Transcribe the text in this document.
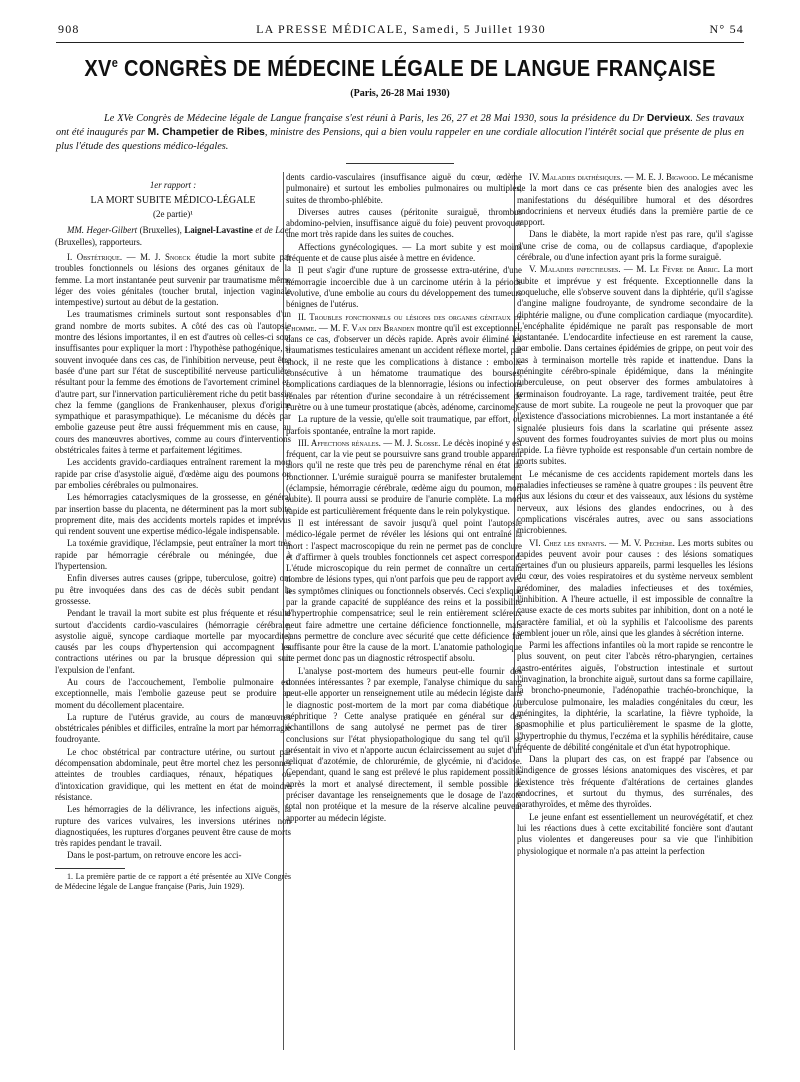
908	LA PRESSE MÉDICALE, Samedi, 5 Juillet 1930	N° 54
XVe CONGRÈS DE MÉDECINE LÉGALE DE LANGUE FRANÇAISE
(Paris, 26-28 Mai 1930)
Le XVe Congrès de Médecine légale de Langue française s'est réuni à Paris, les 26, 27 et 28 Mai 1930, sous la présidence du Dr Dervieux. Ses travaux ont été inaugurés par M. Champetier de Ribes, ministre des Pensions, qui a bien voulu rappeler en une cordiale allocution l'intérêt social que présente de plus en plus l'étude des questions médico-légales.

1er rapport :

LA MORT SUBITE MÉDICO-LÉGALE

(2e partie)¹

MM. Heger-Gilbert (Bruxelles), Laignel-Lavastine et de Laet (Bruxelles), rapporteurs.

I. Obstétrique. — M. J. Snoeck étudie la mort subite par troubles fonctionnels ou lésions des organes génitaux de la femme. La mort instantanée peut survenir par traumatisme même léger des voies génitales (toucher brutal, injection vaginale intempestive) surtout au début de la gestation.

Les traumatismes criminels surtout sont responsables d'un grand nombre de morts subites. A côté des cas où l'autopsie montre des lésions importantes, il en est d'autres où celles-ci sont insuffisantes pour expliquer la mort : l'hypothèse pathogénique, si souvent invoquée dans ces cas, de l'inhibition nerveuse, peut être basée d'une part sur l'état de susceptibilité nerveuse particulière résultant pour la femme des émotions de l'avortement criminel et, d'autre part, sur l'innervation particulièrement riche du petit bassin chez la femme (ganglions de Frankenhauser, plexus d'origine sympathique et parasympathique). Le mécanisme du décès par embolie gazeuse peut être aussi fréquemment mis en cause, au cours des manœuvres abortives, comme au cours d'interventions obstétricales faites à terme et parfaitement légitimes.

Les accidents gravido-cardiaques entraînent rarement la mort rapide par crise d'asystolie aiguë, d'œdème aigu des poumons ou par embolies cérébrales ou pulmonaires.

Les hémorragies cataclysmiques de la grossesse, en général par insertion basse du placenta, ne déterminent pas la mort subite proprement dite, mais des accidents mortels rapides et imprévus qui rendent souvent une expertise médico-légale indispensable.

La toxémie gravidique, l'éclampsie, peut entraîner la mort très rapide par hémorragie cérébrale ou méningée, due à l'hypertension.

Enfin diverses autres causes (grippe, tuberculose, goitre) ont pu être invoquées dans des cas de décès subit pendant la grossesse.

Pendant le travail la mort subite est plus fréquente et résulte surtout d'accidents cardio-vasculaires (hémorragie cérébrale, asystolie aiguë, syncope cardiaque mortelle par myocardite) causés par les coups d'hypertension qui accompagnent les contractions utérines ou par la brusque dépression qui suit l'expulsion de l'enfant.

Au cours de l'accouchement, l'embolie pulmonaire est exceptionnelle, mais l'embolie gazeuse peut se produire au moment du décollement placentaire.

La rupture de l'utérus gravide, au cours de manœuvres obstétricales pénibles et difficiles, entraîne la mort par hémorragie foudroyante.

Le choc obstétrical par contracture utérine, ou surtout par décompensation abdominale, peut être mortel chez les personnes atteintes de troubles cardiaques, rénaux, hépatiques ou d'intoxication gravidique, qui les mettent en état de moindre résistance.

Les hémorragies de la délivrance, les infections aiguës, la rupture des varices vulvaires, les inversions utérines non diagnostiquées, les ruptures d'organes peuvent être cause de morts très rapides pendant le travail.

Dans le post-partum, on retrouve encore les acci-

1. La première partie de ce rapport a été présentée au XIVe Congrès de Médecine légale de Langue française (Paris, Juin 1929).

dents cardio-vasculaires (insuffisance aiguë du cœur, œdème pulmonaire) et surtout les embolies pulmonaires ou multiples, suites de thrombo-phlébite.

Diverses autres causes (péritonite suraiguë, thrombus abdomino-pelvien, insuffisance aiguë du foie) peuvent provoquer une mort très rapide dans les suites de couches.

Affections gynécologiques. — La mort subite y est moins fréquente et de cause plus aisée à mettre en évidence.

Il peut s'agir d'une rupture de grossesse extra-utérine, d'une hémorragie incoercible due à un carcinome utérin à la période évolutive, d'une embolie au cours du développement des tumeurs bénignes de l'utérus.

II. Troubles fonctionnels ou lésions des organes génitaux de l'homme. — M. F. Van den Branden montre qu'il est exceptionnel, dans ce cas, d'observer un décès rapide. Après avoir éliminé les traumatismes testiculaires amenant un accident réflexe mortel, par shock, il ne reste que les complications à distance : embolie consécutive à un hématome traumatique des bourses, complications cardiaques de la blennorragie, lésions ou infections rénales par rétention d'urine secondaire à un rétrécissement de l'urètre ou à une tumeur prostatique (abcès, adénome, carcinome).

La rupture de la vessie, qu'elle soit traumatique, par effort, ou parfois spontanée, entraîne la mort rapide.

III. Affections rénales. — M. J. Slosse. Le décès inopiné y est fréquent, car la vie peut se poursuivre sans grand trouble apparent alors qu'il ne reste que très peu de parenchyme rénal en état de fonctionner. L'urémie suraiguë pourra se manifester brutalement (éclampsie, hémorragie cérébrale, œdème aigu du poumon, mort subite). Il pourra aussi se produire de l'anurie complète. La mort rapide est particulièrement fréquente dans le rein polykystique.

Il est intéressant de savoir jusqu'à quel point l'autopsie médico-légale permet de révéler les lésions qui ont entraîné la mort : l'aspect macroscopique du rein ne permet pas de conclure et d'affirmer à quels troubles fonctionnels cet aspect correspond. L'étude microscopique du rein permet de connaître un certain nombre de lésions types, qui n'ont parfois que peu de rapport avec les symptômes cliniques ou fonctionnels observés. Ceci s'explique par la grande capacité de suppléance des reins et la possibilité d'hypertrophie compensatrice; seul le rein entièrement scléreux peut faire admettre une certaine déficience fonctionnelle, mais sans permettre de conclure avec sécurité que cette déficience fut suffisante pour être la cause de la mort. L'anatomie pathologique ne permet donc pas un diagnostic rétrospectif absolu.

L'analyse post-mortem des humeurs peut-elle fournir des données intéressantes ? par exemple, l'analyse chimique du sang peut-elle apporter un renseignement utile au médecin légiste dans le diagnostic post-mortem de la mort par coma diabétique ou néphritique ? Cette analyse pratiquée en général sur des échantillons de sang autolysé ne permet pas de tirer de conclusions sur l'état physiopathologique du sang tel qu'il se présentait in vivo et n'apporte aucun éclaircissement au sujet d'un reliquat d'azotémie, de chlorurémie, de glycémie, ni d'acidose. Cependant, quand le sang est prélevé le plus rapidement possible après la mort et analysé directement, il semble possible de préciser davantage les renseignements que le dosage de l'azote total non protéique et la mesure de la réserve alcaline peuvent apporter au médecin légiste.

IV. Maladies diathésiques. — M. E. J. Bigwood. Le mécanisme de la mort dans ce cas présente bien des analogies avec les manifestations du déséquilibre humoral et des désordres endocriniens et nerveux étudiés dans la première partie de ce rapport.

Dans le diabète, la mort rapide n'est pas rare, qu'il s'agisse d'une crise de coma, ou de collapsus cardiaque, d'apoplexie cérébrale, ou d'une infection ayant pris la forme suraiguë.

V. Maladies infectieuses. — M. Le Fèvre de Arric. La mort subite et imprévue y est fréquente. Exceptionnelle dans la coqueluche, elle s'observe souvent dans la diphtérie, qu'il s'agisse d'angine maligne foudroyante, de syndrome secondaire de la diphtérie maligne, ou d'une complication cardiaque (myocardite). L'encéphalite épidémique ne paraît pas responsable de mort instantanée. L'endocardite infectieuse en est rarement la cause, par embolie. Dans certaines épidémies de grippe, on peut voir des cas à terminaison mortelle très rapide et inattendue. Dans la méningite cérébro-spinale épidémique, dans la méningite tuberculeuse, on peut observer des formes ambulatoires à terminaison foudroyante. La rage, tardivement traitée, peut être cause de mort subite. La rougeole ne peut la provoquer que par l'existence d'associations microbiennes. La mort instantanée a été signalée plusieurs fois dans la scarlatine qui présente assez souvent des formes foudroyantes suivies de mort plus ou moins rapide. La fièvre typhoïde est responsable d'un certain nombre de morts subites.

Le mécanisme de ces accidents rapidement mortels dans les maladies infectieuses se ramène à quatre groupes : ils peuvent être dus aux lésions du cœur et des vaisseaux, aux lésions du système nerveux, aux lésions des glandes endocrines, ou à des complications viscérales autres, avec ou sans associations microbiennes.

VI. Chez les enfants. — M. V. Pechère. Les morts subites ou rapides peuvent avoir pour causes : des lésions somatiques certaines d'un ou plusieurs appareils, parmi lesquelles les lésions du cœur, des voies respiratoires et du système nerveux semblent prédominer, des maladies infectieuses et des toxémies, l'inhibition. A l'heure actuelle, il est impossible de connaître la cause exacte de ces morts subites par inhibition, dont on a noté le caractère familial, et où la syphilis et l'alcoolisme des parents semblent jouer un rôle, ainsi que les glandes à sécrétion interne.

Parmi les affections infantiles où la mort rapide se rencontre le plus souvent, on peut citer l'abcès rétro-pharyngien, certaines gastro-entérites aiguës, l'obstruction intestinale et surtout l'invagination, la bronchite aiguë, surtout dans sa forme capillaire, la broncho-pneumonie, l'adénopathie trachéo-bronchique, la tuberculose pulmonaire, les maladies congénitales du cœur, les méningites, la diphtérie, la scarlatine, la fièvre typhoïde, la spasmophilie et plus particulièrement le spasme de la glotte, l'hypertrophie du thymus, l'eczéma et la syphilis héréditaire, cause fréquente de débilité congénitale et d'un état hypotrophique.

Dans la plupart des cas, on est frappé par l'absence ou l'indigence de grosses lésions anatomiques des viscères, et par l'existence très fréquente d'altérations de certaines glandes endocrines, et surtout du thymus, des surrénales, des parathyroïdes, et même des thyroïdes.

Le jeune enfant est essentiellement un neurovégétatif, et chez lui les réactions dues à cette excitabilité foncière sont d'autant plus violentes et dangereuses pour sa vie que l'inhibition physiologique et normale n'a pas atteint la perfection
